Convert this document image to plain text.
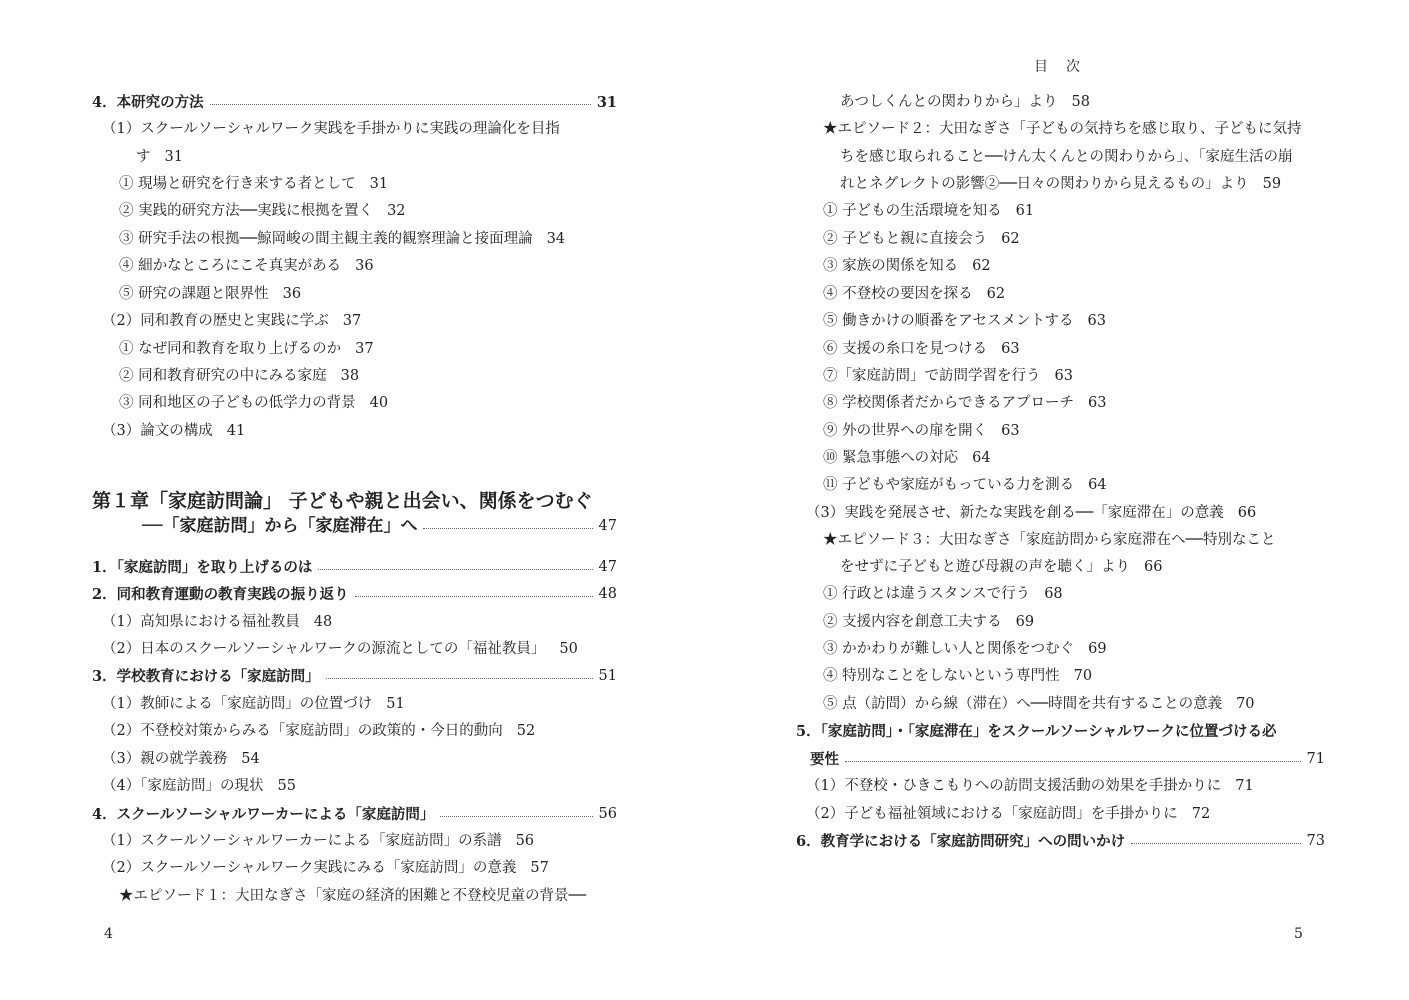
4．本研究の方法	31
（1）スクールソーシャルワーク実践を手掛かりに実践の理論化を目指
す 31
① 現場と研究を行き来する者として 31
② 実践的研究方法──実践に根拠を置く 32
③ 研究手法の根拠──鯨岡峻の間主観主義的観察理論と接面理論 34
④ 細かなところにこそ真実がある 36
⑤ 研究の課題と限界性 36
（2）同和教育の歴史と実践に学ぶ 37
① なぜ同和教育を取り上げるのか 37
② 同和教育研究の中にみる家庭 38
③ 同和地区の子どもの低学力の背景 40
（3）論文の構成 41
第１章「家庭訪問論」 子どもや親と出会い、関係をつむぐ
──「家庭訪問」から「家庭滞在」へ	47
1．「家庭訪問」を取り上げるのは	47
2．同和教育運動の教育実践の振り返り	48
（1）高知県における福祉教員 48
（2）日本のスクールソーシャルワークの源流としての「福祉教員」 50
3．学校教育における「家庭訪問」	51
（1）教師による「家庭訪問」の位置づけ 51
（2）不登校対策からみる「家庭訪問」の政策的・今日的動向 52
（3）親の就学義務 54
（4）「家庭訪問」の現状 55
4．スクールソーシャルワーカーによる「家庭訪問」	56
（1）スクールソーシャルワーカーによる「家庭訪問」の系譜 56
（2）スクールソーシャルワーク実践にみる「家庭訪問」の意義 57
★エピソード１：大田なぎさ「家庭の経済的困難と不登校児童の背景──
4
目次
あつしくんとの関わりから」より 58
★エピソード２：大田なぎさ「子どもの気持ちを感じ取り、子どもに気持
ちを感じ取られること──けん太くんとの関わりから」、「家庭生活の崩
れとネグレクトの影響②──日々の関わりから見えるもの」より 59
① 子どもの生活環境を知る 61
② 子どもと親に直接会う 62
③ 家族の関係を知る 62
④ 不登校の要因を探る 62
⑤ 働きかけの順番をアセスメントする 63
⑥ 支援の糸口を見つける 63
⑦「家庭訪問」で訪問学習を行う 63
⑧ 学校関係者だからできるアプローチ 63
⑨ 外の世界への扉を開く 63
⑩ 緊急事態への対応 64
⑪ 子どもや家庭がもっている力を測る 64
（3）実践を発展させ、新たな実践を創る──「家庭滞在」の意義 66
★エピソード３：大田なぎさ「家庭訪問から家庭滞在へ──特別なこと
をせずに子どもと遊び母親の声を聴く」より 66
① 行政とは違うスタンスで行う 68
② 支援内容を創意工夫する 69
③ かかわりが難しい人と関係をつむぐ 69
④ 特別なことをしないという専門性 70
⑤ 点（訪問）から線（滞在）へ──時間を共有することの意義 70
5．「家庭訪問」・「家庭滞在」をスクールソーシャルワークに位置づける必
要性	71
（1）不登校・ひきこもりへの訪問支援活動の効果を手掛かりに 71
（2）子ども福祉領域における「家庭訪問」を手掛かりに 72
6．教育学における「家庭訪問研究」への問いかけ	73
5
